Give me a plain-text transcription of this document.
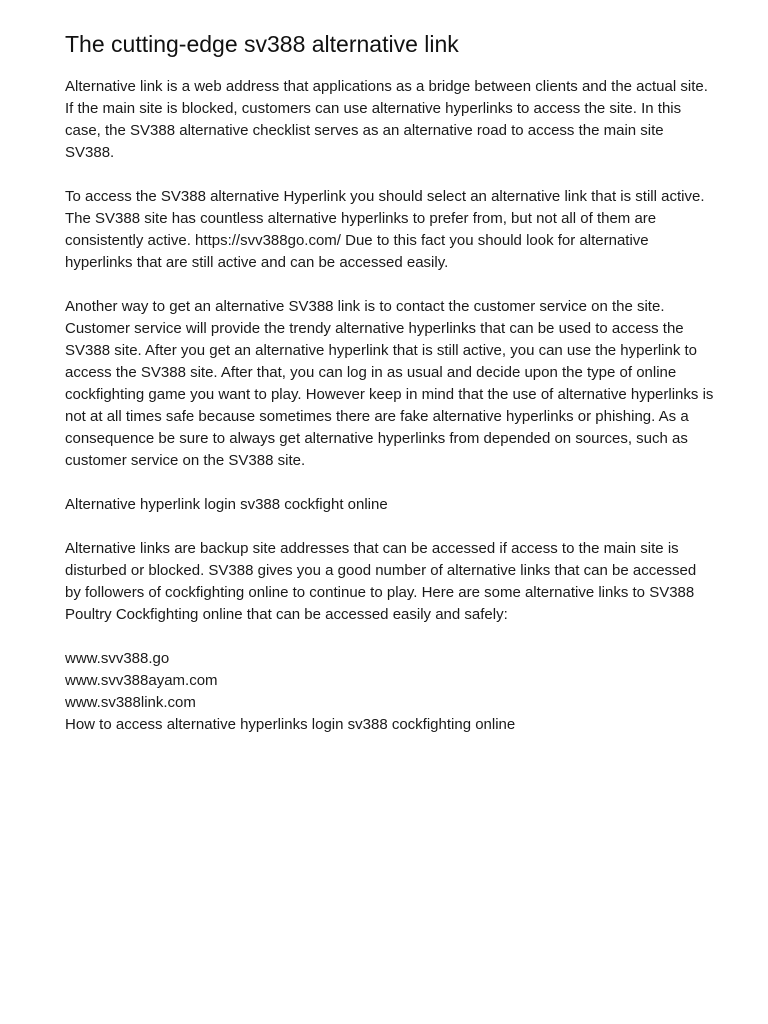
The cutting-edge sv388 alternative link

Alternative link is a web address that applications as a bridge between clients and the actual site. If the main site is blocked, customers can use alternative hyperlinks to access the site. In this case, the SV388 alternative checklist serves as an alternative road to access the main site SV388.

To access the SV388 alternative Hyperlink you should select an alternative link that is still active. The SV388 site has countless alternative hyperlinks to prefer from, but not all of them are consistently active. https://svv388go.com/ Due to this fact you should look for alternative hyperlinks that are still active and can be accessed easily.

Another way to get an alternative SV388 link is to contact the customer service on the site. Customer service will provide the trendy alternative hyperlinks that can be used to access the SV388 site. After you get an alternative hyperlink that is still active, you can use the hyperlink to access the SV388 site. After that, you can log in as usual and decide upon the type of online cockfighting game you want to play. However keep in mind that the use of alternative hyperlinks is not at all times safe because sometimes there are fake alternative hyperlinks or phishing. As a consequence be sure to always get alternative hyperlinks from depended on sources, such as customer service on the SV388 site.

Alternative hyperlink login sv388 cockfight online

Alternative links are backup site addresses that can be accessed if access to the main site is disturbed or blocked. SV388 gives you a good number of alternative links that can be accessed by followers of cockfighting online to continue to play. Here are some alternative links to SV388 Poultry Cockfighting online that can be accessed easily and safely:

www.svv388.go
www.svv388ayam.com
www.sv388link.com
How to access alternative hyperlinks login sv388 cockfighting online
